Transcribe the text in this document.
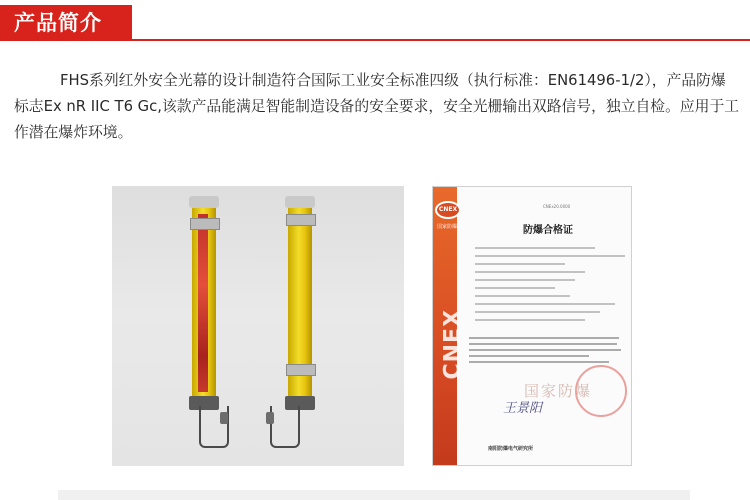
产品简介

FHS系列红外安全光幕的设计制造符合国际工业安全标准四级（执行标准：EN61496-1/2），产品防爆标志Ex nR IIC T6 Gc,该款产品能满足智能制造设备的安全要求，安全光栅输出双路信号，独立自检。应用于工作潜在爆炸环境。

CNEX
国家防爆
CNEX
CNEx20.0000
防爆合格证
国家防爆
王景阳
南阳防爆电气研究所
